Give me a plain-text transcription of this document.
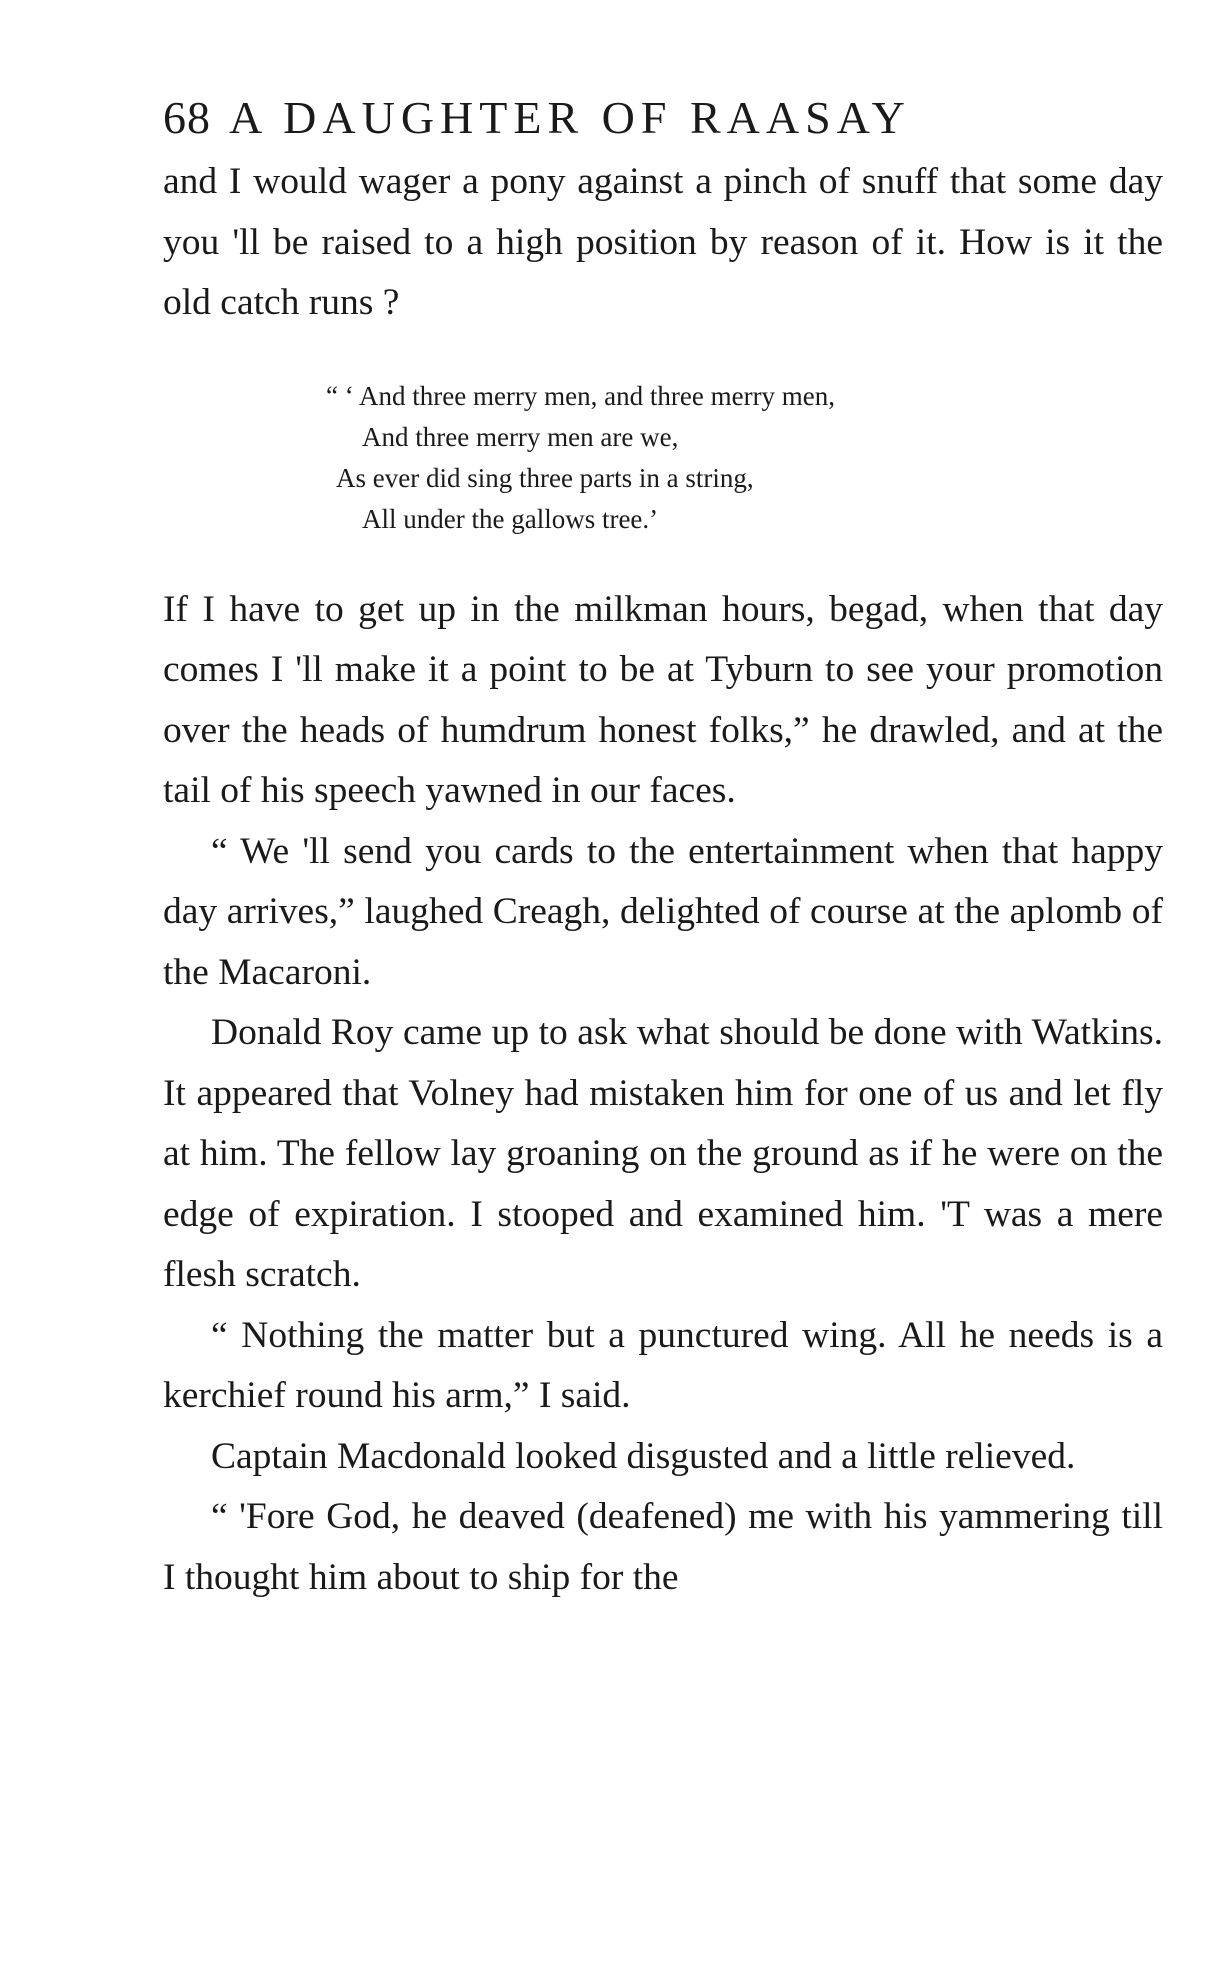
68 A DAUGHTER OF RAASAY

and I would wager a pony against a pinch of snuff that some day you 'll be raised to a high position by reason of it. How is it the old catch runs ?

“ ‘ And three merry men, and three merry men,
And three merry men are we,
As ever did sing three parts in a string,
All under the gallows tree.’

If I have to get up in the milkman hours, begad, when that day comes I 'll make it a point to be at Tyburn to see your promotion over the heads of humdrum honest folks,” he drawled, and at the tail of his speech yawned in our faces.

“ We 'll send you cards to the entertainment when that happy day arrives,” laughed Creagh, delighted of course at the aplomb of the Macaroni.

Donald Roy came up to ask what should be done with Watkins. It appeared that Volney had mistaken him for one of us and let fly at him. The fellow lay groaning on the ground as if he were on the edge of expiration. I stooped and examined him. 'T was a mere flesh scratch.

“ Nothing the matter but a punctured wing. All he needs is a kerchief round his arm,” I said.

Captain Macdonald looked disgusted and a little relieved.

“ 'Fore God, he deaved (deafened) me with his yammering till I thought him about to ship for the
